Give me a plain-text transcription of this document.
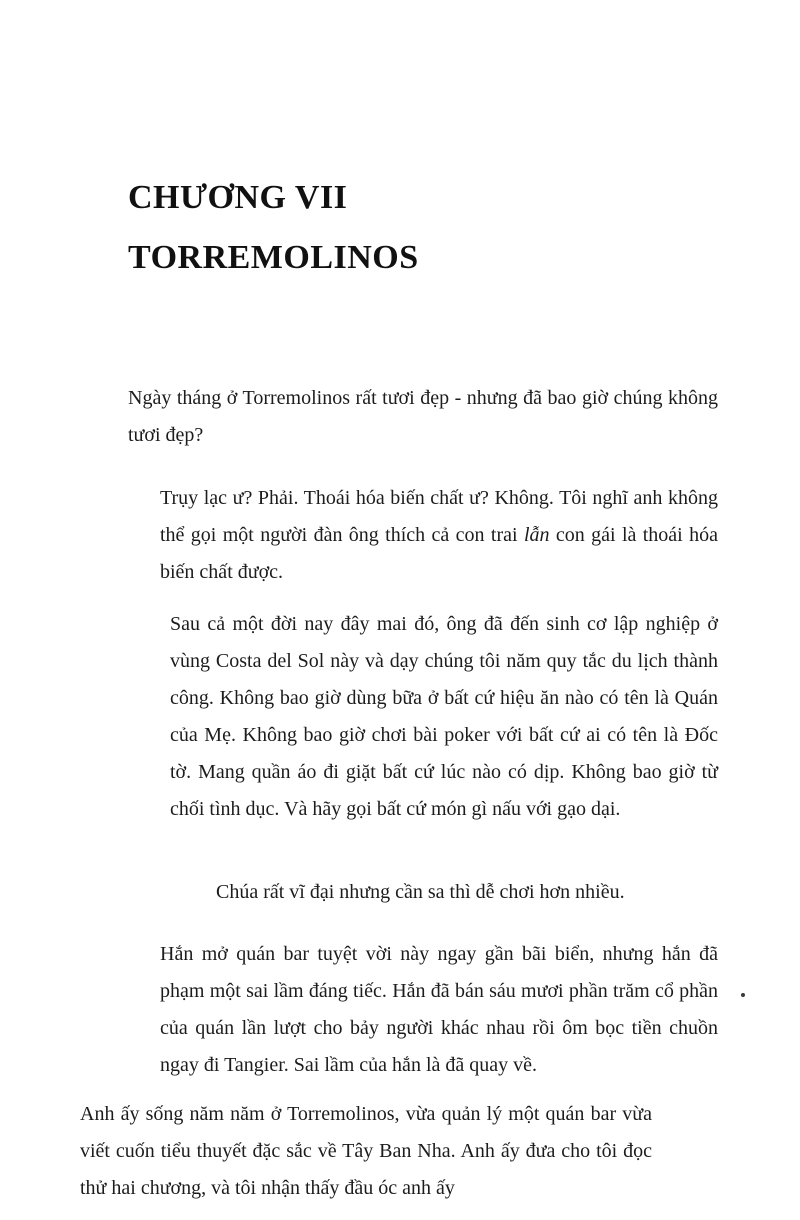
CHƯƠNG VII
TORREMOLINOS

Ngày tháng ở Torremolinos rất tươi đẹp - nhưng đã bao giờ chúng không tươi đẹp?

Trụy lạc ư? Phải. Thoái hóa biến chất ư? Không. Tôi nghĩ anh không thể gọi một người đàn ông thích cả con trai lẫn con gái là thoái hóa biến chất được.

Sau cả một đời nay đây mai đó, ông đã đến sinh cơ lập nghiệp ở vùng Costa del Sol này và dạy chúng tôi năm quy tắc du lịch thành công. Không bao giờ dùng bữa ở bất cứ hiệu ăn nào có tên là Quán của Mẹ. Không bao giờ chơi bài poker với bất cứ ai có tên là Đốc tờ. Mang quần áo đi giặt bất cứ lúc nào có dịp. Không bao giờ từ chối tình dục. Và hãy gọi bất cứ món gì nấu với gạo dại.

Chúa rất vĩ đại nhưng cần sa thì dễ chơi hơn nhiều.

Hắn mở quán bar tuyệt vời này ngay gần bãi biển, nhưng hắn đã phạm một sai lầm đáng tiếc. Hắn đã bán sáu mươi phần trăm cổ phần của quán lần lượt cho bảy người khác nhau rồi ôm bọc tiền chuồn ngay đi Tangier. Sai lầm của hắn là đã quay về.

Anh ấy sống năm năm ở Torremolinos, vừa quản lý một quán bar vừa viết cuốn tiểu thuyết đặc sắc về Tây Ban Nha. Anh ấy đưa cho tôi đọc thử hai chương, và tôi nhận thấy đầu óc anh ấy
